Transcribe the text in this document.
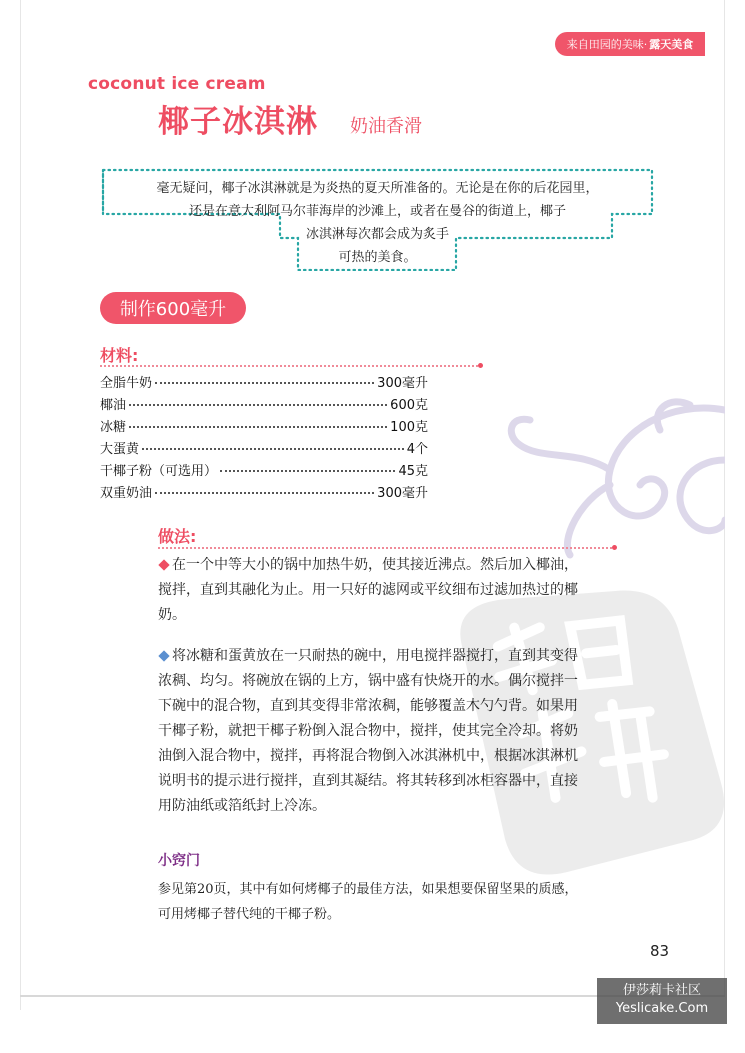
来自田园的美味· 露天美食
coconut ice cream
椰子冰淇淋 奶油香滑
毫无疑问，椰子冰淇淋就是为炎热的夏天所准备的。无论是在你的后花园里，
还是在意大利阿马尔菲海岸的沙滩上，或者在曼谷的街道上，椰子
冰淇淋每次都会成为炙手
可热的美食。
制作600毫升
材料:
全脂牛奶	300毫升
椰油	600克
冰糖	100克
大蛋黄	4个
干椰子粉（可选用）	45克
双重奶油	300毫升
做法:

在一个中等大小的锅中加热牛奶，使其接近沸点。然后加入椰油，搅拌，直到其融化为止。用一只好的滤网或平纹细布过滤加热过的椰奶。

将冰糖和蛋黄放在一只耐热的碗中，用电搅拌器搅打，直到其变得浓稠、均匀。将碗放在锅的上方，锅中盛有快烧开的水。偶尔搅拌一下碗中的混合物，直到其变得非常浓稠，能够覆盖木勺勺背。如果用干椰子粉，就把干椰子粉倒入混合物中，搅拌，使其完全冷却。将奶油倒入混合物中，搅拌，再将混合物倒入冰淇淋机中，根据冰淇淋机说明书的提示进行搅拌，直到其凝结。将其转移到冰柜容器中，直接用防油纸或箔纸封上冷冻。

小窍门
参见第20页，其中有如何烤椰子的最佳方法，如果想要保留坚果的质感，可用烤椰子替代纯的干椰子粉。
83
伊莎莉卡社区
Yeslicake.Com
